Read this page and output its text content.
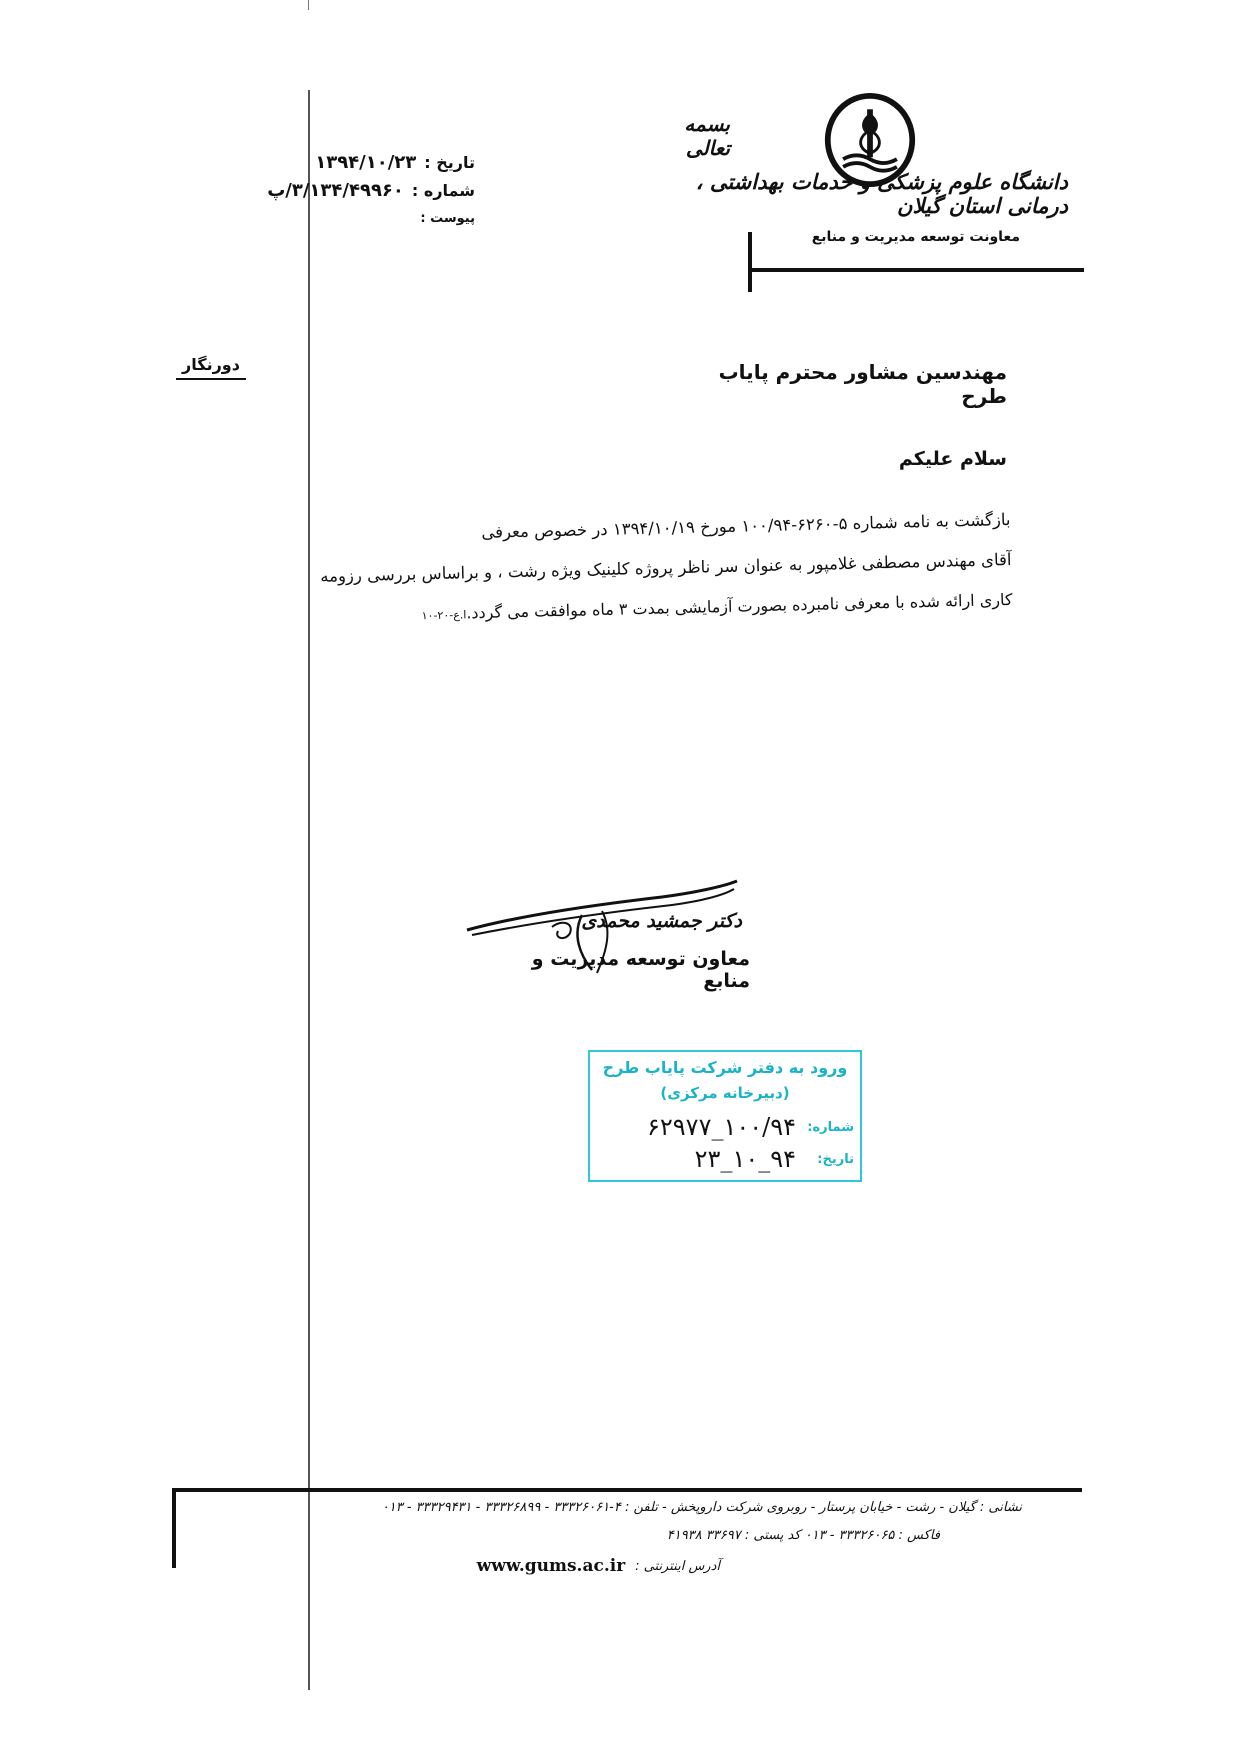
بسمه تعالی
دانشگاه علوم پزشکی و خدمات بهداشتی ، درمانی استان گیلان
معاونت توسعه مدیریت و منابع
تاریخ :
۱۳۹۴/۱۰/۲۳
شماره :
۳/۱۳۴/۴۹۹۶۰/پ
پیوست :
دورنگار	مهندسین مشاور محترم پایاب طرح
سلام علیکم

بازگشت به نامه شماره ۵-۶۲۶۰-۱۰۰/۹۴ مورخ ۱۳۹۴/۱۰/۱۹ در خصوص معرفی

آقای مهندس مصطفی غلامپور به عنوان سر ناظر پروژه کلینیک ویژه رشت ، و براساس بررسی رزومه

کاری ارائه شده با معرفی نامبرده بصورت آزمایشی بمدت ۳ ماه موافقت می گردد.ا.ع-۲۰-۱۰

دکتر جمشید محمدی
معاون توسعه مدیریت و منابع
ورود به دفتر شرکت پایاب طرح
(دبیرخانه مرکزی)
شماره:
۱۰۰/۹۴_۶۲۹۷۷
تاریخ:
۹۴_۱۰_۲۳
نشانی : گیلان - رشت - خیابان پرستار - روبروی شرکت داروپخش - تلفن : ۴-۳۳۳۲۶۰۶۱ - ۳۳۳۲۶۸۹۹ - ۳۳۳۲۹۴۳۱ - ۰۱۳
فاکس : ۳۳۳۲۶۰۶۵ - ۰۱۳ کد پستی : ۳۳۶۹۷ ۴۱۹۳۸
آدرس اینترنتی :
www.gums.ac.ir
